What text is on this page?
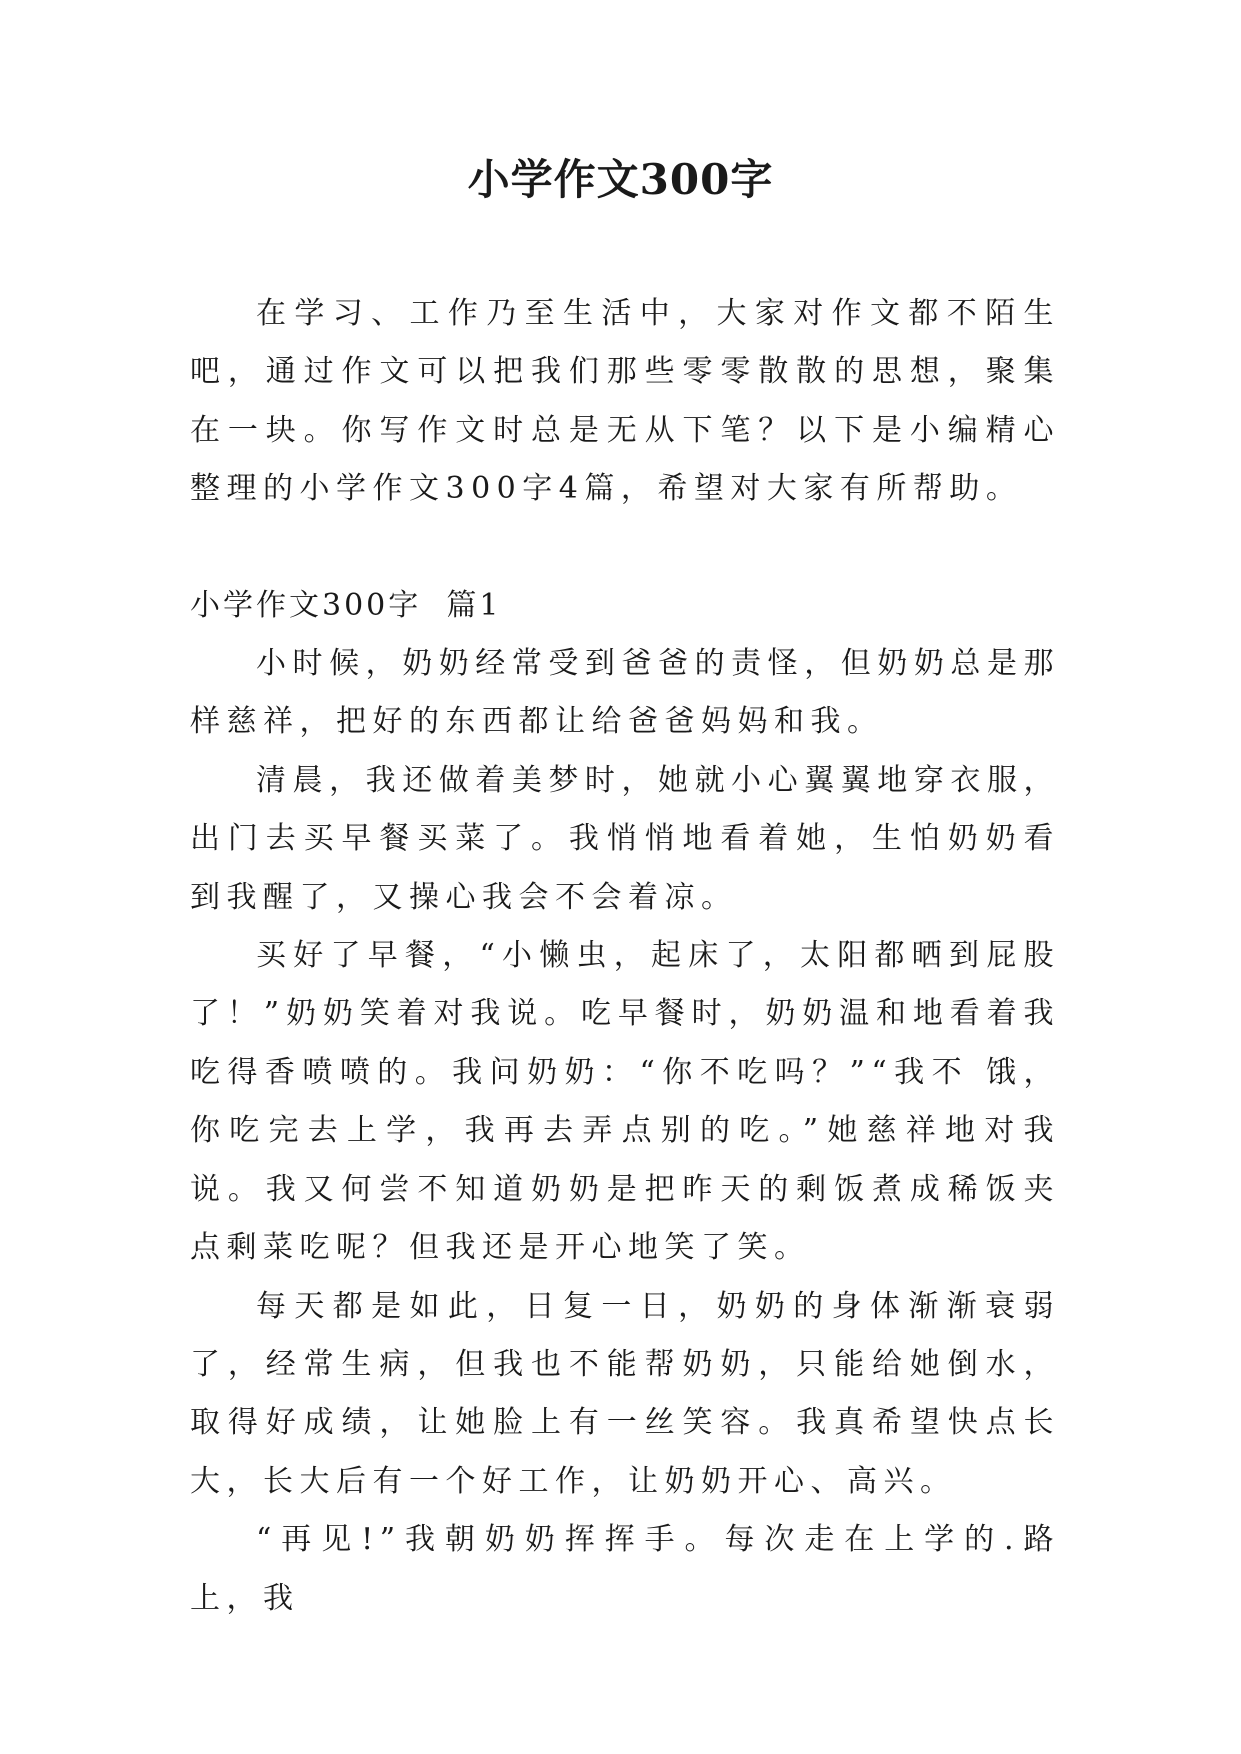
小学作文300字

在学习、工作乃至生活中，大家对作文都不陌生吧，通过作文可以把我们那些零零散散的思想，聚集在一块。你写作文时总是无从下笔？以下是小编精心整理的小学作文300字4篇，希望对大家有所帮助。

小学作文300字  篇1

小时候，奶奶经常受到爸爸的责怪，但奶奶总是那样慈祥，把好的东西都让给爸爸妈妈和我。

清晨，我还做着美梦时，她就小心翼翼地穿衣服，出门去买早餐买菜了。我悄悄地看着她，生怕奶奶看到我醒了，又操心我会不会着凉。

买好了早餐，“小懒虫，起床了，太阳都晒到屁股了！”奶奶笑着对我说。吃早餐时，奶奶温和地看着我吃得香喷喷的。我问奶奶：“你不吃吗？”“我不 饿，你吃完去上学，我再去弄点别的吃。”她慈祥地对我说。我又何尝不知道奶奶是把昨天的剩饭煮成稀饭夹点剩菜吃呢？但我还是开心地笑了笑。

每天都是如此，日复一日，奶奶的身体渐渐衰弱了，经常生病，但我也不能帮奶奶，只能给她倒水，取得好成绩，让她脸上有一丝笑容。我真希望快点长大，长大后有一个好工作，让奶奶开心、高兴。

“再见!”我朝奶奶挥挥手。每次走在上学的.路上，我
